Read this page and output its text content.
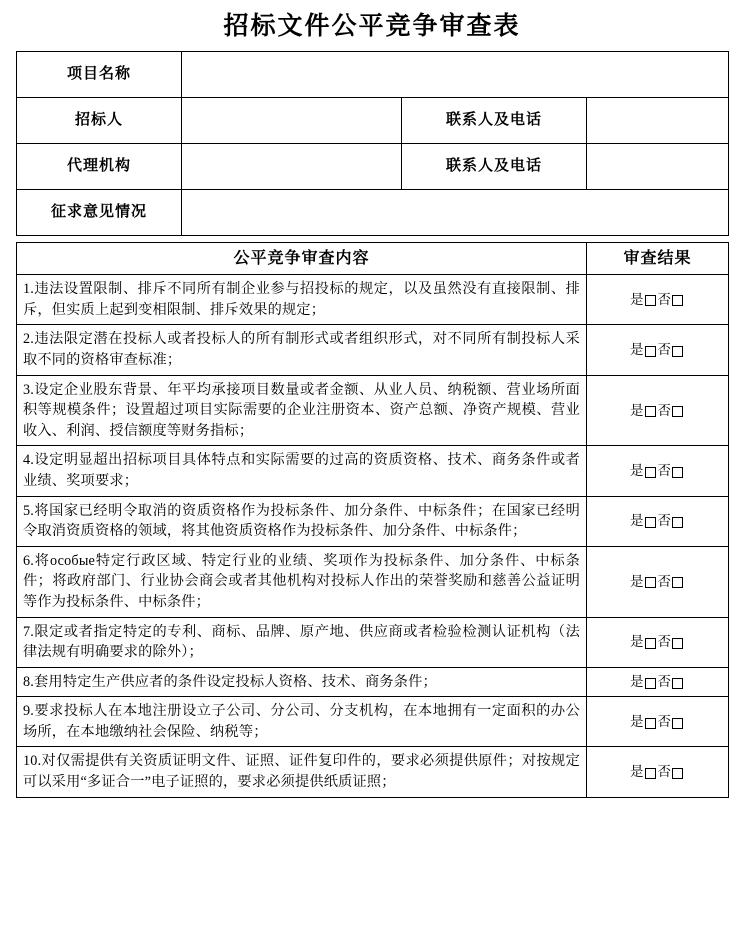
招标文件公平竞争审查表
项目名称			
招标人		联系人及电话	
代理机构		联系人及电话	
征求意见情况			
公平竞争审查内容	审查结果
1.违法设置限制、排斥不同所有制企业参与招投标的规定，以及虽然没有直接限制、排斥，但实质上起到变相限制、排斥效果的规定；	是 否
2.违法限定潜在投标人或者投标人的所有制形式或者组织形式，对不同所有制投标人采取不同的资格审查标准；	是 否
3.设定企业股东背景、年平均承接项目数量或者金额、从业人员、纳税额、营业场所面积等规模条件；设置超过项目实际需要的企业注册资本、资产总额、净资产规模、营业收入、利润、授信额度等财务指标；	是 否
4.设定明显超出招标项目具体特点和实际需要的过高的资质资格、技术、商务条件或者业绩、奖项要求；	是 否
5.将国家已经明令取消的资质资格作为投标条件、加分条件、中标条件；在国家已经明令取消资质资格的领域，将其他资质资格作为投标条件、加分条件、中标条件；	是 否
6.将особые特定行政区域、特定行业的业绩、奖项作为投标条件、加分条件、中标条件；将政府部门、行业协会商会或者其他机构对投标人作出的荣誉奖励和慈善公益证明等作为投标条件、中标条件；	是 否
7.限定或者指定特定的专利、商标、品牌、原产地、供应商或者检验检测认证机构（法律法规有明确要求的除外）；	是 否
8.套用特定生产供应者的条件设定投标人资格、技术、商务条件；	是 否
9.要求投标人在本地注册设立子公司、分公司、分支机构，在本地拥有一定面积的办公场所，在本地缴纳社会保险、纳税等；	是 否
10.对仅需提供有关资质证明文件、证照、证件复印件的，要求必须提供原件；对按规定可以采用“多证合一”电子证照的，要求必须提供纸质证照；	是 否
